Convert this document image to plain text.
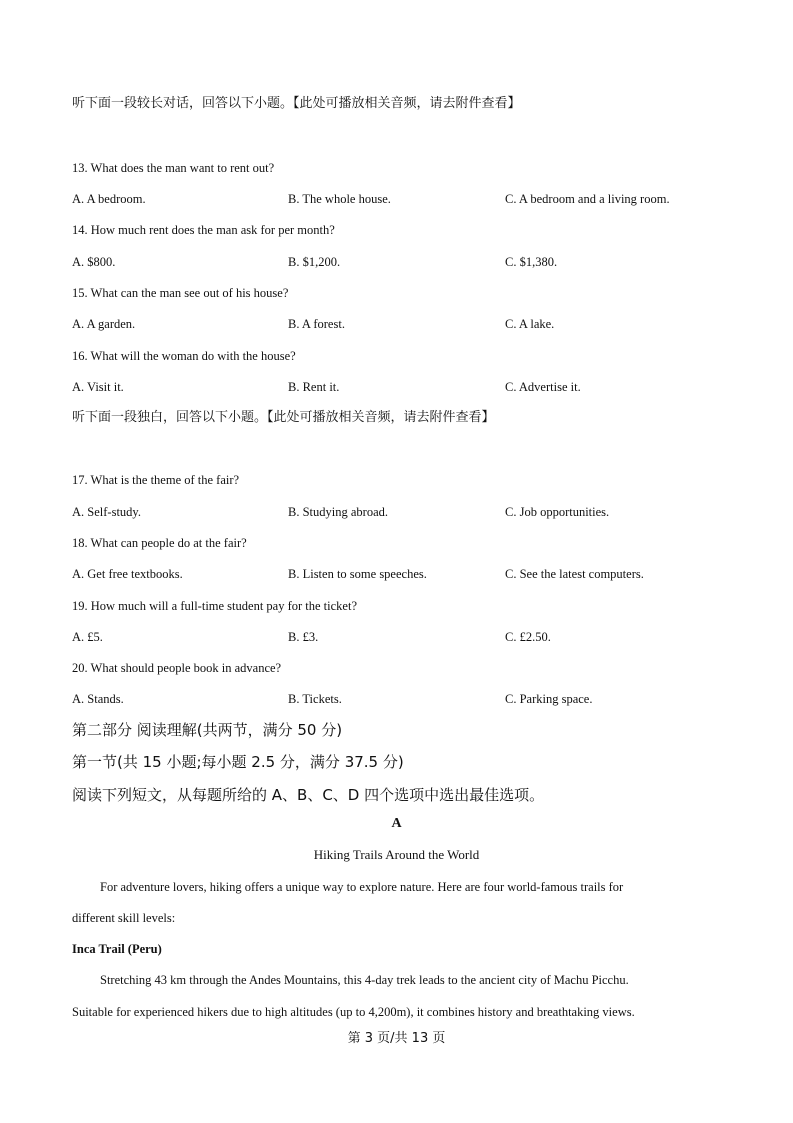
听下面一段较长对话，回答以下小题。【此处可播放相关音频，请去附件查看】
13. What does the man want to rent out?
A. A bedroom.	B. The whole house.	C. A bedroom and a living room.
14. How much rent does the man ask for per month?
A. $800.	B. $1,200.	C. $1,380.
15. What can the man see out of his house?
A. A garden.	B. A forest.	C. A lake.
16. What will the woman do with the house?
A. Visit it.	B. Rent it.	C. Advertise it.
听下面一段独白，回答以下小题。【此处可播放相关音频，请去附件查看】
17. What is the theme of the fair?
A. Self-study.	B. Studying abroad.	C. Job opportunities.
18. What can people do at the fair?
A. Get free textbooks.	B. Listen to some speeches.	C. See the latest computers.
19. How much will a full-time student pay for the ticket?
A. £5.	B. £3.	C. £2.50.
20. What should people book in advance?
A. Stands.	B. Tickets.	C. Parking space.
第二部分 阅读理解(共两节，满分 50 分)
第一节(共 15 小题;每小题 2.5 分，满分 37.5 分)
阅读下列短文，从每题所给的 A、B、C、D 四个选项中选出最佳选项。
A
Hiking Trails Around the World
For adventure lovers, hiking offers a unique way to explore nature. Here are four world-famous trails for
different skill levels:
Inca Trail (Peru)
Stretching 43 km through the Andes Mountains, this 4-day trek leads to the ancient city of Machu Picchu.
Suitable for experienced hikers due to high altitudes (up to 4,200m), it combines history and breathtaking views.
第 3 页/共 13 页
